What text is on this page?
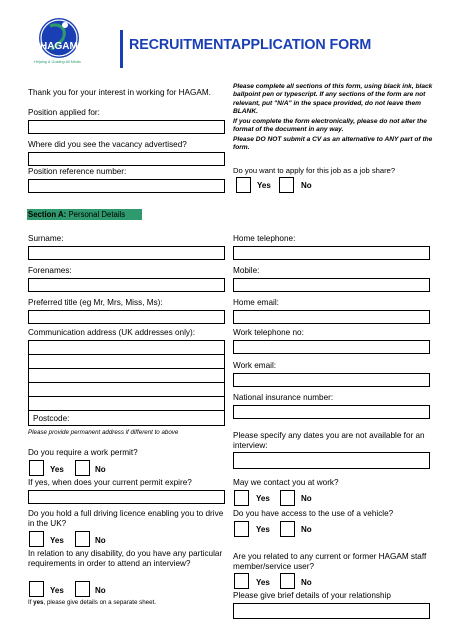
HAGAM
Helping & Guiding All Minds
RECRUITMENTAPPLICATION FORM
Thank you for your interest in working for HAGAM.
Position applied for:
Where did you see the vacancy advertised?
Position reference number:
Please complete all sections of this form, using black ink, black ballpoint pen or typescript. If any sections of the form are not relevant, put "N/A" in the space provided, do not leave them BLANK.
If you complete the form electronically, please do not alter the format of the document in any way.
Please DO NOT submit a CV as an alternative to ANY part of the form.
Do you want to apply for this job as a job share?
Yes	No
Section A: Personal Details
Surname:
Forenames:
Preferred title (eg Mr, Mrs, Miss, Ms):
Communication address (UK addresses only):
Postcode:
Please provide permanent address if different to above
Do you require a work permit?
Yes	No
If yes, when does your current permit expire?
Do you hold a full driving licence enabling you to drive in the UK?
Yes	No
In relation to any disability, do you have any particular requirements in order to attend an interview?
Yes	No
If yes, please give details on a separate sheet.
Home telephone:
Mobile:
Home email:
Work telephone no:
Work email:
National insurance number:
Please specify any dates you are not available for an interview:
May we contact you at work?
Yes	No
Do you have access to the use of a vehicle?
Yes	No
Are you related to any current or former HAGAM staff member/service user?
Yes	No
Please give brief details of your relationship
